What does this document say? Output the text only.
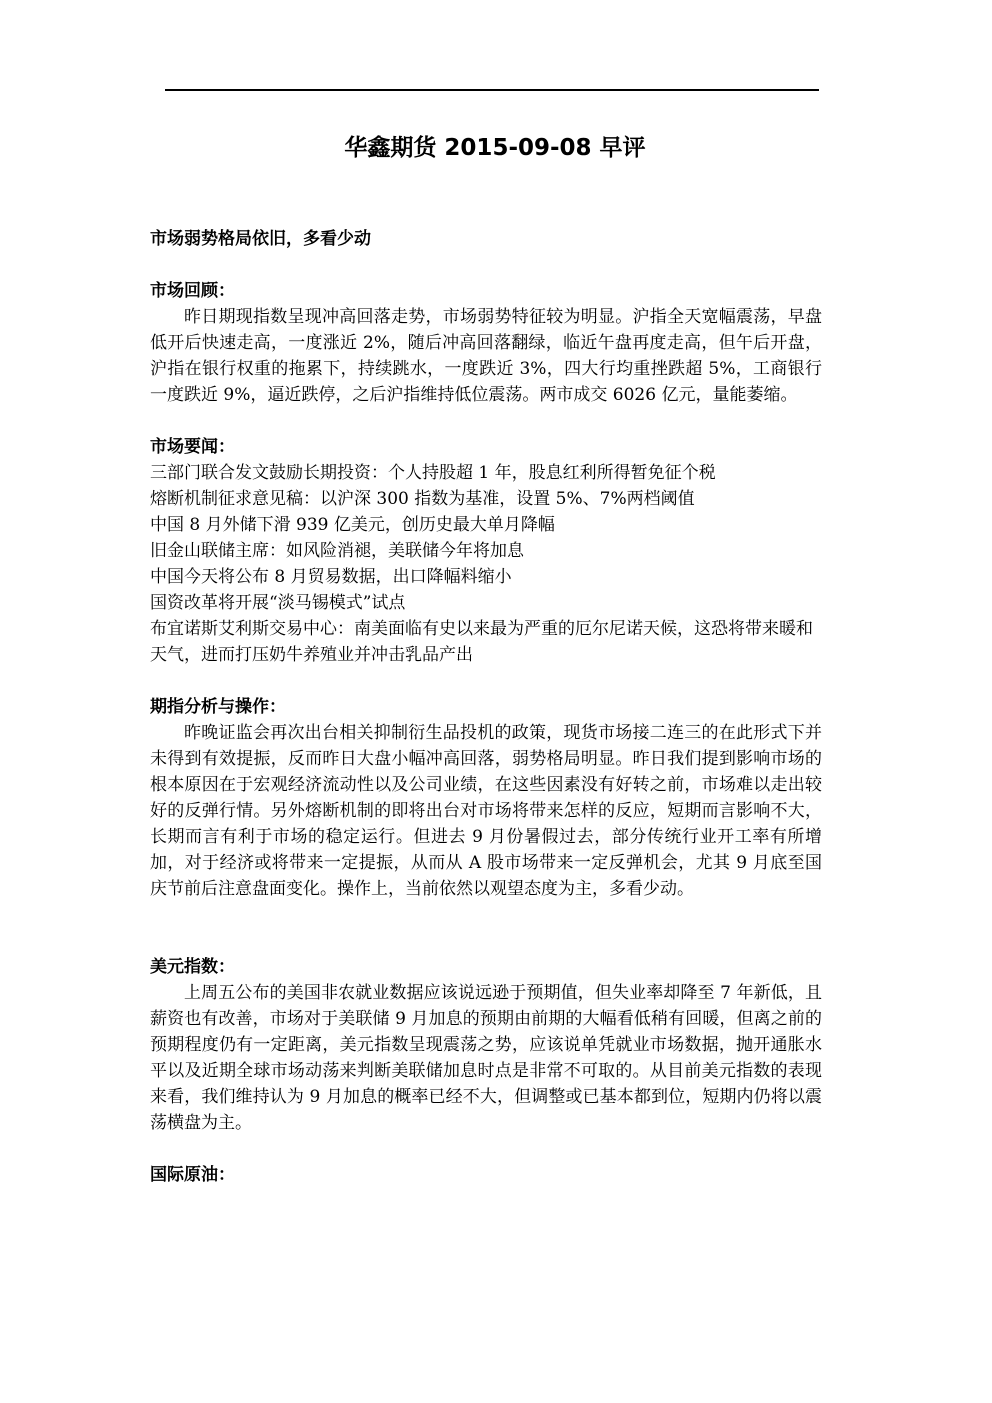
华鑫期货 2015-09-08 早评

市场弱势格局依旧，多看少动

市场回顾：

昨日期现指数呈现冲高回落走势，市场弱势特征较为明显。沪指全天宽幅震荡，早盘低开后快速走高，一度涨近 2%，随后冲高回落翻绿，临近午盘再度走高，但午后开盘，沪指在银行权重的拖累下，持续跳水，一度跌近 3%，四大行均重挫跌超 5%，工商银行一度跌近 9%，逼近跌停，之后沪指维持低位震荡。两市成交 6026 亿元，量能萎缩。

市场要闻：

三部门联合发文鼓励长期投资：个人持股超 1 年，股息红利所得暂免征个税
熔断机制征求意见稿：以沪深 300 指数为基准，设置 5%、7%两档阈值
中国 8 月外储下滑 939 亿美元，创历史最大单月降幅
旧金山联储主席：如风险消褪，美联储今年将加息
中国今天将公布 8 月贸易数据，出口降幅料缩小
国资改革将开展“淡马锡模式”试点
布宜诺斯艾利斯交易中心：南美面临有史以来最为严重的厄尔尼诺天候，这恐将带来暖和天气，进而打压奶牛养殖业并冲击乳品产出

期指分析与操作：

昨晚证监会再次出台相关抑制衍生品投机的政策，现货市场接二连三的在此形式下并未得到有效提振，反而昨日大盘小幅冲高回落，弱势格局明显。昨日我们提到影响市场的根本原因在于宏观经济流动性以及公司业绩，在这些因素没有好转之前，市场难以走出较好的反弹行情。另外熔断机制的即将出台对市场将带来怎样的反应，短期而言影响不大，长期而言有利于市场的稳定运行。但进去 9 月份暑假过去，部分传统行业开工率有所增加，对于经济或将带来一定提振，从而从 A 股市场带来一定反弹机会，尤其 9 月底至国庆节前后注意盘面变化。操作上，当前依然以观望态度为主，多看少动。

美元指数：

上周五公布的美国非农就业数据应该说远逊于预期值，但失业率却降至 7 年新低，且薪资也有改善，市场对于美联储 9 月加息的预期由前期的大幅看低稍有回暖，但离之前的预期程度仍有一定距离，美元指数呈现震荡之势，应该说单凭就业市场数据，抛开通胀水平以及近期全球市场动荡来判断美联储加息时点是非常不可取的。从目前美元指数的表现来看，我们维持认为 9 月加息的概率已经不大，但调整或已基本都到位，短期内仍将以震荡横盘为主。

国际原油：
